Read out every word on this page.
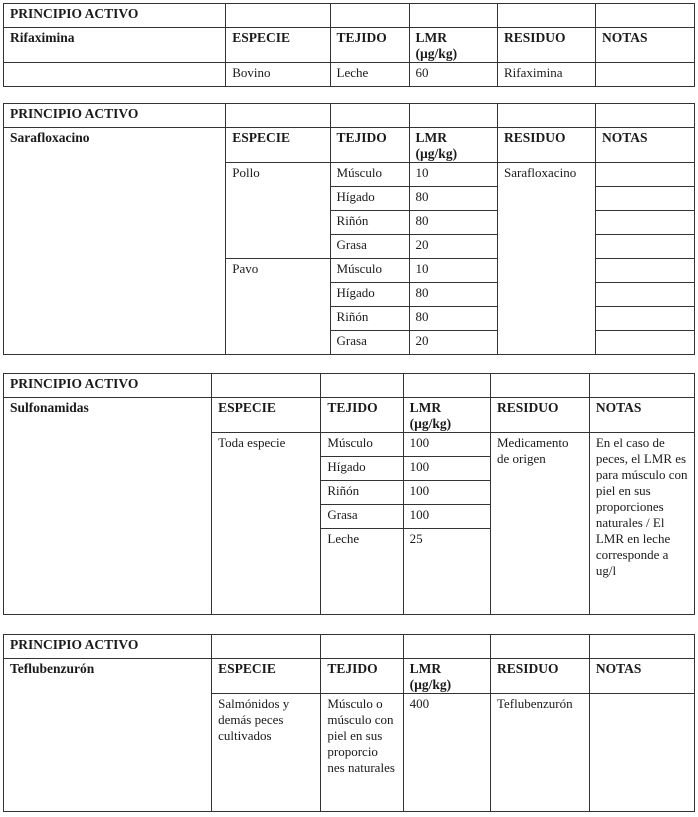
PRINCIPIO ACTIVO					
Rifaximina	ESPECIE	TEJIDO	LMR (µg/kg)	RESIDUO	NOTAS
	Bovino	Leche	60	Rifaximina	
PRINCIPIO ACTIVO					
Sarafloxacino	ESPECIE	TEJIDO	LMR (µg/kg)	RESIDUO	NOTAS
	Pollo	Músculo	10	Sarafloxacino	
		Hígado	80		
		Riñón	80		
		Grasa	20		
	Pavo	Músculo	10		
		Hígado	80		
		Riñón	80		
		Grasa	20		
PRINCIPIO ACTIVO					
Sulfonamidas	ESPECIE	TEJIDO	LMR (µg/kg)	RESIDUO	NOTAS
	Toda especie	Músculo	100	Medicamento de origen	En el caso de peces, el LMR es para músculo con piel en sus proporciones naturales / El LMR en leche corresponde a ug/l
		Hígado	100		
		Riñón	100		
		Grasa	100		
		Leche	25		
PRINCIPIO ACTIVO					
Teflubenzurón	ESPECIE	TEJIDO	LMR (µg/kg)	RESIDUO	NOTAS
	Salmónidos y demás peces cultivados	Músculo o músculo con piel en sus proporcio nes naturales	400	Teflubenzurón	
